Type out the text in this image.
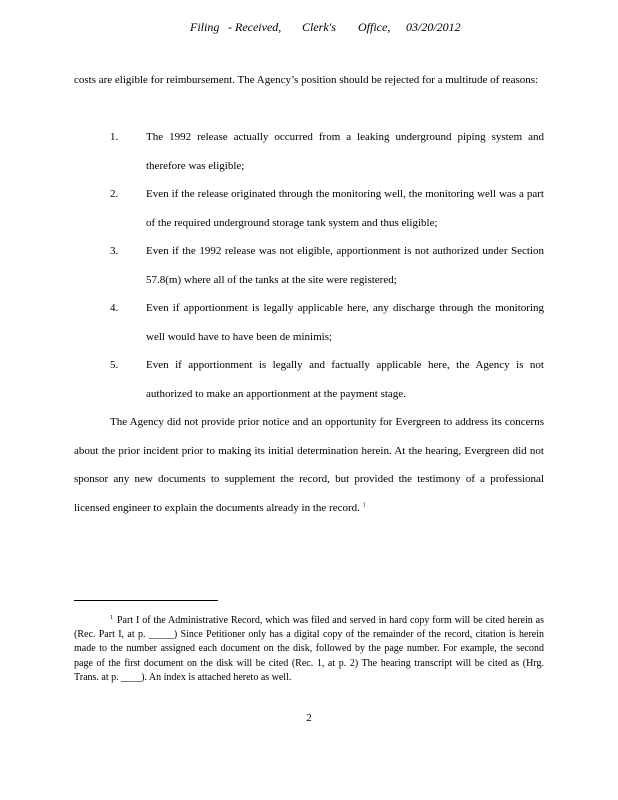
Filing - Received, Clerk's Office, 03/20/2012
costs are eligible for reimbursement. The Agency’s position should be rejected for a multitude of reasons:
1.	The 1992 release actually occurred from a leaking underground piping system and therefore was eligible;
2.	Even if the release originated through the monitoring well, the monitoring well was a part of the required underground storage tank system and thus eligible;
3.	Even if the 1992 release was not eligible, apportionment is not authorized under Section 57.8(m) where all of the tanks at the site were registered;
4.	Even if apportionment is legally applicable here, any discharge through the monitoring well would have to have been de minimis;
5.	Even if apportionment is legally and factually applicable here, the Agency is not authorized to make an apportionment at the payment stage.
The Agency did not provide prior notice and an opportunity for Evergreen to address its concerns about the prior incident prior to making its initial determination herein. At the hearing, Evergreen did not sponsor any new documents to supplement the record, but provided the testimony of a professional licensed engineer to explain the documents already in the record. $^1$
$^1$ Part I of the Administrative Record, which was filed and served in hard copy form will be cited herein as (Rec. Part I, at p. _____) Since Petitioner only has a digital copy of the remainder of the record, citation is herein made to the number assigned each document on the disk, followed by the page number. For example, the second page of the first document on the disk will be cited (Rec. 1, at p. 2) The hearing transcript will be cited as (Hrg. Trans. at p. ____). An index is attached hereto as well.
2
